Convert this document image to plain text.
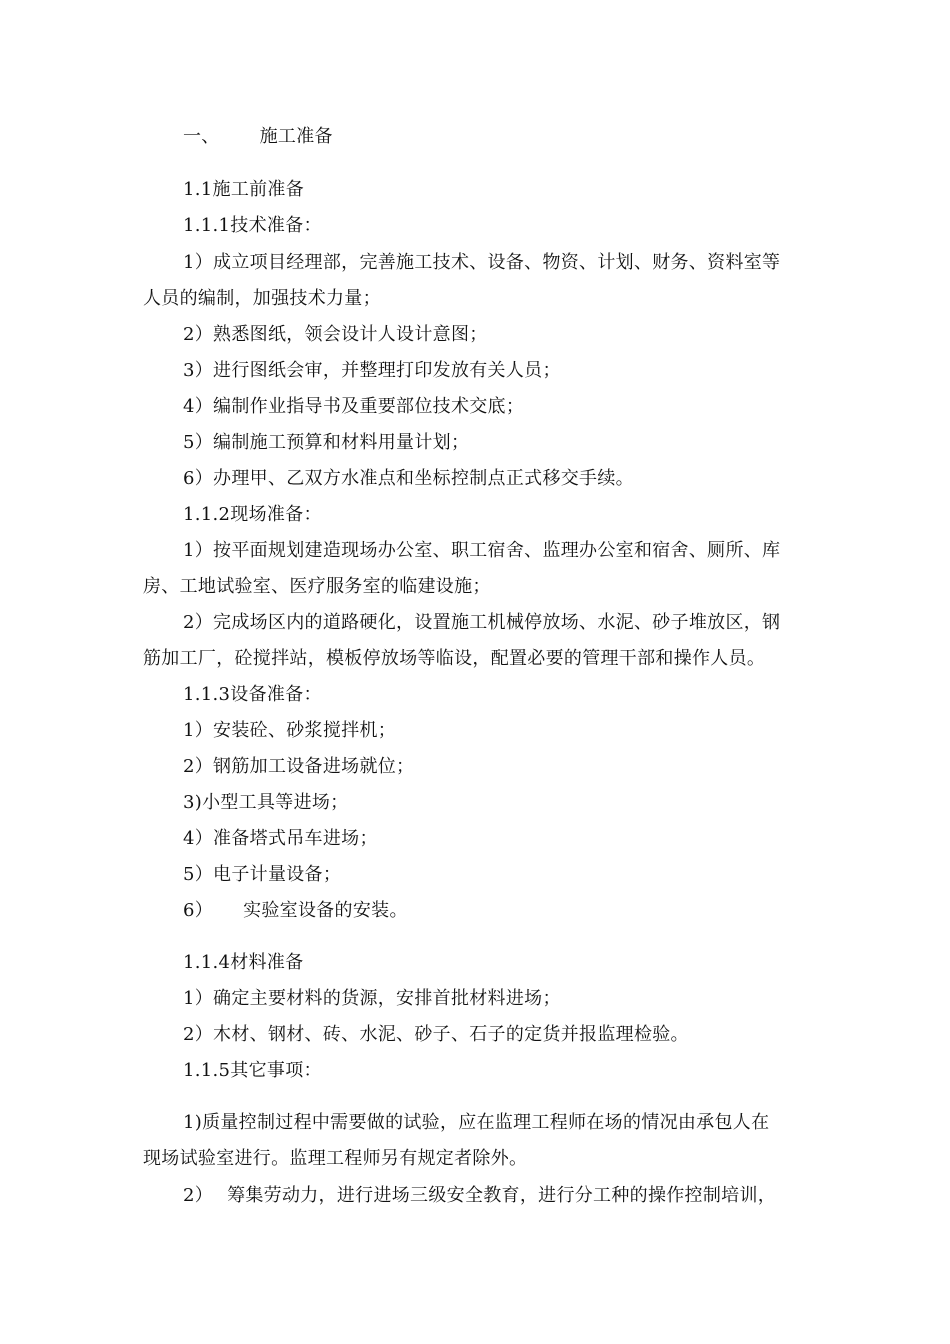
一、 施工准备
1.1施工前准备
1.1.1技术准备：
1）成立项目经理部，完善施工技术、设备、物资、计划、财务、资料室等
人员的编制，加强技术力量；
2）熟悉图纸，领会设计人设计意图；
3）进行图纸会审，并整理打印发放有关人员；
4）编制作业指导书及重要部位技术交底；
5）编制施工预算和材料用量计划；
6）办理甲、乙双方水准点和坐标控制点正式移交手续。
1.1.2现场准备：
1）按平面规划建造现场办公室、职工宿舍、监理办公室和宿舍、厕所、库
房、工地试验室、医疗服务室的临建设施；
2）完成场区内的道路硬化，设置施工机械停放场、水泥、砂子堆放区，钢
筋加工厂，砼搅拌站，模板停放场等临设，配置必要的管理干部和操作人员。
1.1.3设备准备：
1）安装砼、砂浆搅拌机；
2）钢筋加工设备进场就位；
3)小型工具等进场；
4）准备塔式吊车进场；
5）电子计量设备；
6） 实验室设备的安装。
1.1.4材料准备
1）确定主要材料的货源，安排首批材料进场；
2）木材、钢材、砖、水泥、砂子、石子的定货并报监理检验。
1.1.5其它事项：
1)质量控制过程中需要做的试验，应在监理工程师在场的情况由承包人在
现场试验室进行。监理工程师另有规定者除外。
2） 筹集劳动力，进行进场三级安全教育，进行分工种的操作控制培训，
